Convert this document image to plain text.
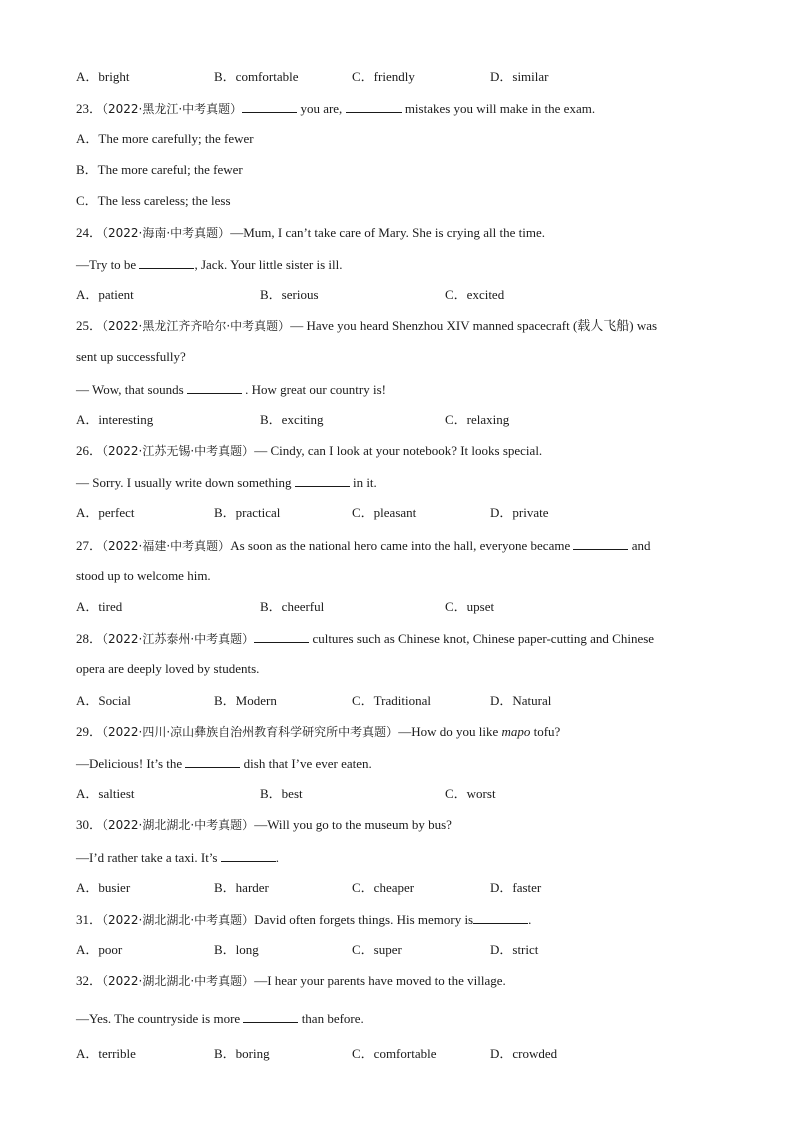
A．bright	B．comfortable	C．friendly	D．similar
23．（2022·黑龙江·中考真题）	you are,	mistakes you will make in the exam.
A．The more carefully; the fewer
B．The more careful; the fewer
C．The less careless; the less
24．（2022·海南·中考真题）—Mum, I can’t take care of Mary. She is crying all the time.
—Try to be	, Jack. Your little sister is ill.
A．patient	B．serious	C．excited
25．（2022·黑龙江齐齐哈尔·中考真题）— Have you heard Shenzhou XIV manned spacecraft (载人飞船) was
sent up successfully?
— Wow, that sounds	. How great our country is!
A．interesting	B．exciting	C．relaxing
26．（2022·江苏无锡·中考真题）— Cindy, can I look at your notebook? It looks special.
— Sorry. I usually write down something	in it.
A．perfect	B．practical	C．pleasant	D．private
27．（2022·福建·中考真题）As soon as the national hero came into the hall, everyone became	and
stood up to welcome him.
A．tired	B．cheerful	C．upset
28．（2022·江苏泰州·中考真题）	cultures such as Chinese knot, Chinese paper-cutting and Chinese
opera are deeply loved by students.
A．Social	B．Modern	C．Traditional	D．Natural
29．（2022·四川·凉山彝族自治州教育科学研究所中考真题）—How do you like mapo tofu?
—Delicious! It’s the	dish that I’ve ever eaten.
A．saltiest	B．best	C．worst
30．（2022·湖北湖北·中考真题）—Will you go to the museum by bus?
—I’d rather take a taxi. It’s	.
A．busier	B．harder	C．cheaper	D．faster
31．（2022·湖北湖北·中考真题）David often forgets things. His memory is	.
A．poor	B．long	C．super	D．strict
32．（2022·湖北湖北·中考真题）—I hear your parents have moved to the village.
—Yes. The countryside is more	than before.
A．terrible	B．boring	C．comfortable	D．crowded
